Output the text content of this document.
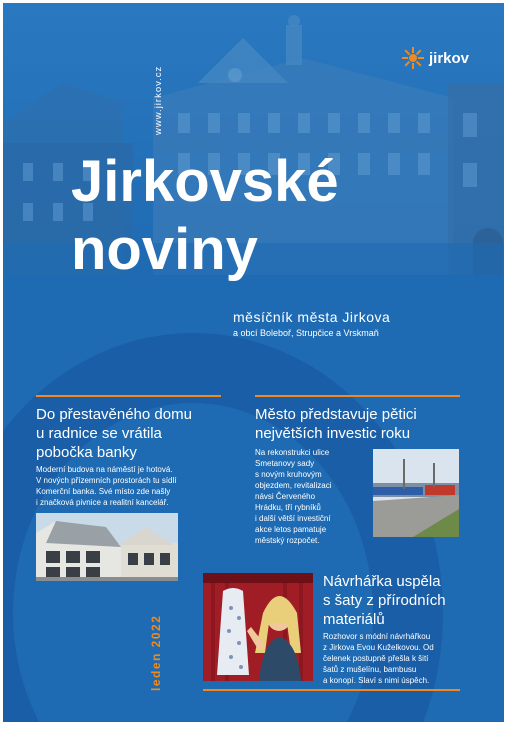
www.jirkov.cz
jirkov
Jirkovské
noviny
měsíčník města Jirkova
a obcí Boleboř, Strupčice a Vrskmaň
Do přestavěného domu
u radnice se vrátila
pobočka banky
Moderní budova na náměstí je hotová.
V nových přízemních prostorách tu sídlí
Komerční banka. Své místo zde našly
i značková pivnice a realitní kancelář.
Město představuje pětici
největších investic roku
Na rekonstrukci ulice
Smetanovy sady
s novým kruhovým
objezdem, revitalizaci
návsi Červeného
Hrádku, tří rybníků
i další větší investiční
akce letos pamatuje
městský rozpočet.
Návrhářka uspěla
s šaty z přírodních
materiálů
Rozhovor s módní návrhářkou
z Jirkova Evou Kuželkovou. Od
čelenek postupně přešla k šití
šatů z mušelínu, bambusu
a konopí. Slaví s nimi úspěch.
leden 2022
